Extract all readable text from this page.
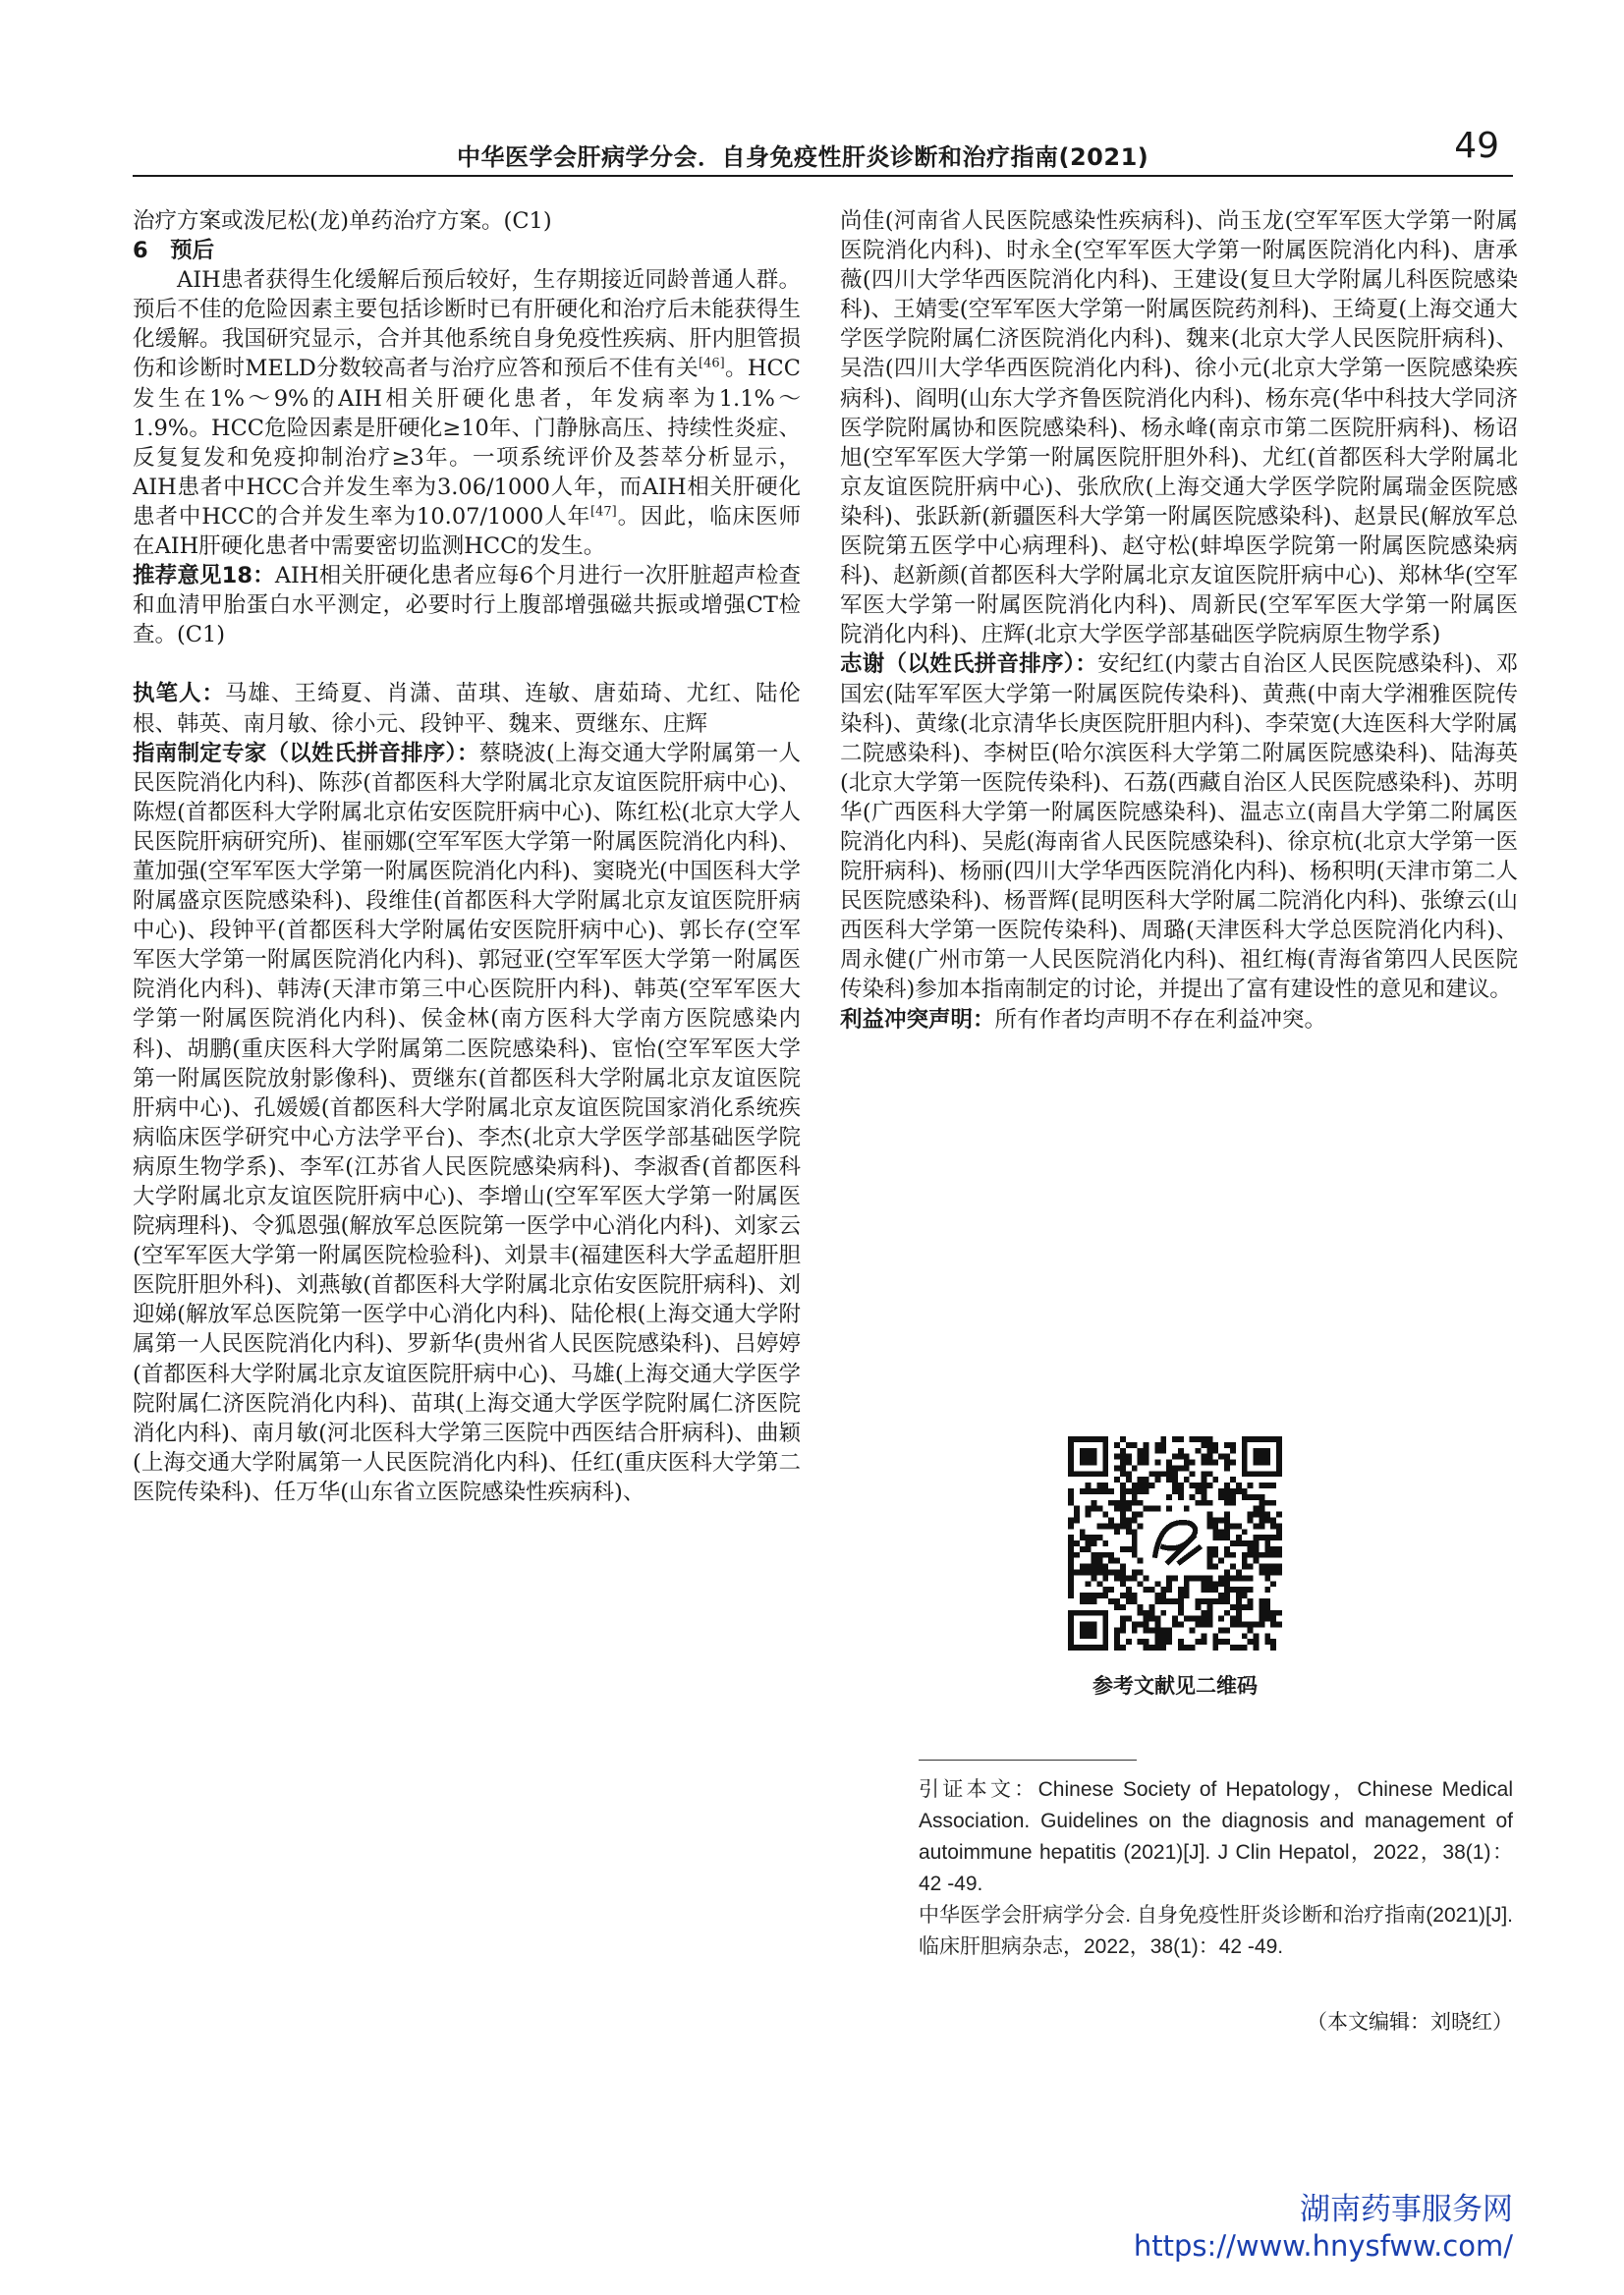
中华医学会肝病学分会．自身免疫性肝炎诊断和治疗指南(2021)	49

治疗方案或泼尼松(龙)单药治疗方案。(C1)

6　预后

AIH患者获得生化缓解后预后较好，生存期接近同龄普通人群。预后不佳的危险因素主要包括诊断时已有肝硬化和治疗后未能获得生化缓解。我国研究显示，合并其他系统自身免疫性疾病、肝内胆管损伤和诊断时MELD分数较高者与治疗应答和预后不佳有关[46]。HCC发生在1%～9%的AIH相关肝硬化患者，年发病率为1.1%～1.9%。HCC危险因素是肝硬化≥10年、门静脉高压、持续性炎症、反复复发和免疫抑制治疗≥3年。一项系统评价及荟萃分析显示，AIH患者中HCC合并发生率为3.06/1000人年，而AIH相关肝硬化患者中HCC的合并发生率为10.07/1000人年[47]。因此，临床医师在AIH肝硬化患者中需要密切监测HCC的发生。

推荐意见18：AIH相关肝硬化患者应每6个月进行一次肝脏超声检查和血清甲胎蛋白水平测定，必要时行上腹部增强磁共振或增强CT检查。(C1)

执笔人：马雄、王绮夏、肖潇、苗琪、连敏、唐茹琦、尤红、陆伦根、韩英、南月敏、徐小元、段钟平、魏来、贾继东、庄辉

指南制定专家（以姓氏拼音排序）：蔡晓波(上海交通大学附属第一人民医院消化内科)、陈莎(首都医科大学附属北京友谊医院肝病中心)、陈煜(首都医科大学附属北京佑安医院肝病中心)、陈红松(北京大学人民医院肝病研究所)、崔丽娜(空军军医大学第一附属医院消化内科)、董加强(空军军医大学第一附属医院消化内科)、窦晓光(中国医科大学附属盛京医院感染科)、段维佳(首都医科大学附属北京友谊医院肝病中心)、段钟平(首都医科大学附属佑安医院肝病中心)、郭长存(空军军医大学第一附属医院消化内科)、郭冠亚(空军军医大学第一附属医院消化内科)、韩涛(天津市第三中心医院肝内科)、韩英(空军军医大学第一附属医院消化内科)、侯金林(南方医科大学南方医院感染内科)、胡鹏(重庆医科大学附属第二医院感染科)、宦怡(空军军医大学第一附属医院放射影像科)、贾继东(首都医科大学附属北京友谊医院肝病中心)、孔媛媛(首都医科大学附属北京友谊医院国家消化系统疾病临床医学研究中心方法学平台)、李杰(北京大学医学部基础医学院病原生物学系)、李军(江苏省人民医院感染病科)、李淑香(首都医科大学附属北京友谊医院肝病中心)、李增山(空军军医大学第一附属医院病理科)、令狐恩强(解放军总医院第一医学中心消化内科)、刘家云(空军军医大学第一附属医院检验科)、刘景丰(福建医科大学孟超肝胆医院肝胆外科)、刘燕敏(首都医科大学附属北京佑安医院肝病科)、刘迎娣(解放军总医院第一医学中心消化内科)、陆伦根(上海交通大学附属第一人民医院消化内科)、罗新华(贵州省人民医院感染科)、吕婷婷(首都医科大学附属北京友谊医院肝病中心)、马雄(上海交通大学医学院附属仁济医院消化内科)、苗琪(上海交通大学医学院附属仁济医院消化内科)、南月敏(河北医科大学第三医院中西医结合肝病科)、曲颖(上海交通大学附属第一人民医院消化内科)、任红(重庆医科大学第二医院传染科)、任万华(山东省立医院感染性疾病科)、

尚佳(河南省人民医院感染性疾病科)、尚玉龙(空军军医大学第一附属医院消化内科)、时永全(空军军医大学第一附属医院消化内科)、唐承薇(四川大学华西医院消化内科)、王建设(复旦大学附属儿科医院感染科)、王婧雯(空军军医大学第一附属医院药剂科)、王绮夏(上海交通大学医学院附属仁济医院消化内科)、魏来(北京大学人民医院肝病科)、吴浩(四川大学华西医院消化内科)、徐小元(北京大学第一医院感染疾病科)、阎明(山东大学齐鲁医院消化内科)、杨东亮(华中科技大学同济医学院附属协和医院感染科)、杨永峰(南京市第二医院肝病科)、杨诏旭(空军军医大学第一附属医院肝胆外科)、尤红(首都医科大学附属北京友谊医院肝病中心)、张欣欣(上海交通大学医学院附属瑞金医院感染科)、张跃新(新疆医科大学第一附属医院感染科)、赵景民(解放军总医院第五医学中心病理科)、赵守松(蚌埠医学院第一附属医院感染病科)、赵新颜(首都医科大学附属北京友谊医院肝病中心)、郑林华(空军军医大学第一附属医院消化内科)、周新民(空军军医大学第一附属医院消化内科)、庄辉(北京大学医学部基础医学院病原生物学系)

志谢（以姓氏拼音排序）：安纪红(内蒙古自治区人民医院感染科)、邓国宏(陆军军医大学第一附属医院传染科)、黄燕(中南大学湘雅医院传染科)、黄缘(北京清华长庚医院肝胆内科)、李荣宽(大连医科大学附属二院感染科)、李树臣(哈尔滨医科大学第二附属医院感染科)、陆海英(北京大学第一医院传染科)、石荔(西藏自治区人民医院感染科)、苏明华(广西医科大学第一附属医院感染科)、温志立(南昌大学第二附属医院消化内科)、吴彪(海南省人民医院感染科)、徐京杭(北京大学第一医院肝病科)、杨丽(四川大学华西医院消化内科)、杨积明(天津市第二人民医院感染科)、杨晋辉(昆明医科大学附属二院消化内科)、张缭云(山西医科大学第一医院传染科)、周璐(天津医科大学总医院消化内科)、周永健(广州市第一人民医院消化内科)、祖红梅(青海省第四人民医院传染科)参加本指南制定的讨论，并提出了富有建设性的意见和建议。

利益冲突声明：所有作者均声明不存在利益冲突。

参考文献见二维码

引证本文：Chinese Society of Hepatology，Chinese Medical Association. Guidelines on the diagnosis and management of autoimmune hepatitis (2021)[J]. J Clin Hepatol，2022，38(1)：42 -49.

中华医学会肝病学分会. 自身免疫性肝炎诊断和治疗指南(2021)[J]. 临床肝胆病杂志，2022，38(1)：42 -49.

（本文编辑：刘晓红）
湖南药事服务网
https://www.hnysfww.com/
